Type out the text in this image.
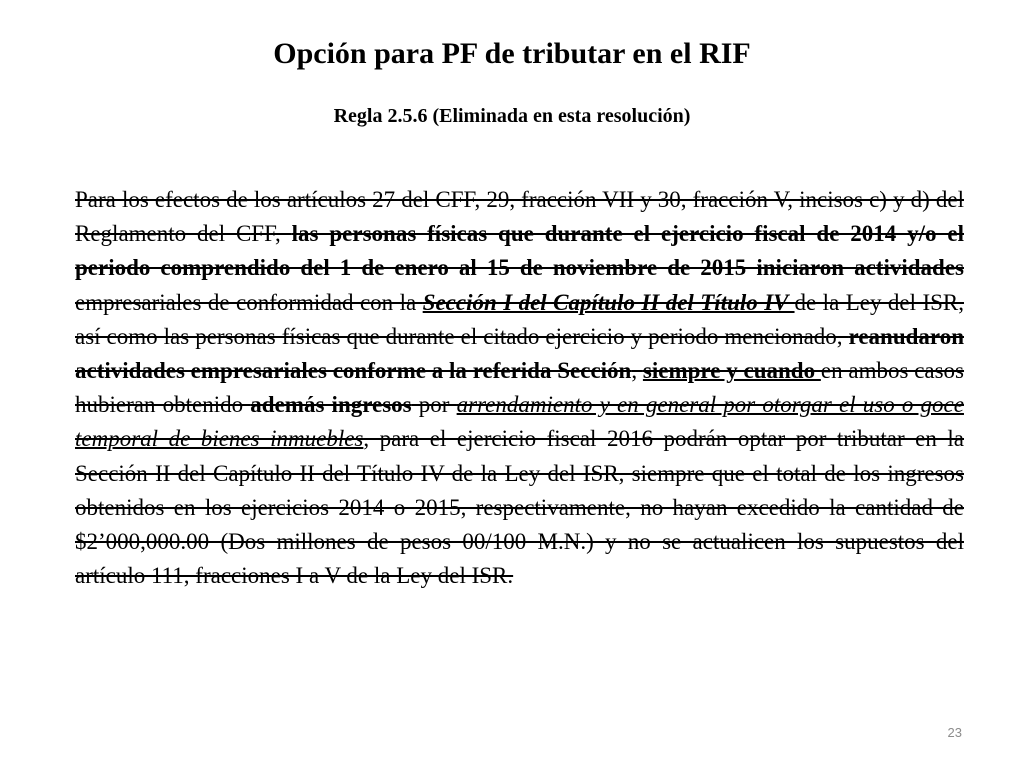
Opción para PF de tributar en el RIF
Regla 2.5.6 (Eliminada en esta resolución)

Para los efectos de los artículos 27 del CFF, 29, fracción VII y 30, fracción V, incisos c) y d) del Reglamento del CFF, las personas físicas que durante el ejercicio fiscal de 2014 y/o el periodo comprendido del 1 de enero al 15 de noviembre de 2015 iniciaron actividades empresariales de conformidad con la Sección I del Capítulo II del Título IV de la Ley del ISR, así como las personas físicas que durante el citado ejercicio y periodo mencionado, reanudaron actividades empresariales conforme a la referida Sección, siempre y cuando en ambos casos hubieran obtenido además ingresos por arrendamiento y en general por otorgar el uso o goce temporal de bienes inmuebles, para el ejercicio fiscal 2016 podrán optar por tributar en la Sección II del Capítulo II del Título IV de la Ley del ISR, siempre que el total de los ingresos obtenidos en los ejercicios 2014 o 2015, respectivamente, no hayan excedido la cantidad de $2’000,000.00 (Dos millones de pesos 00/100 M.N.) y no se actualicen los supuestos del artículo 111, fracciones I a V de la Ley del ISR.

23
